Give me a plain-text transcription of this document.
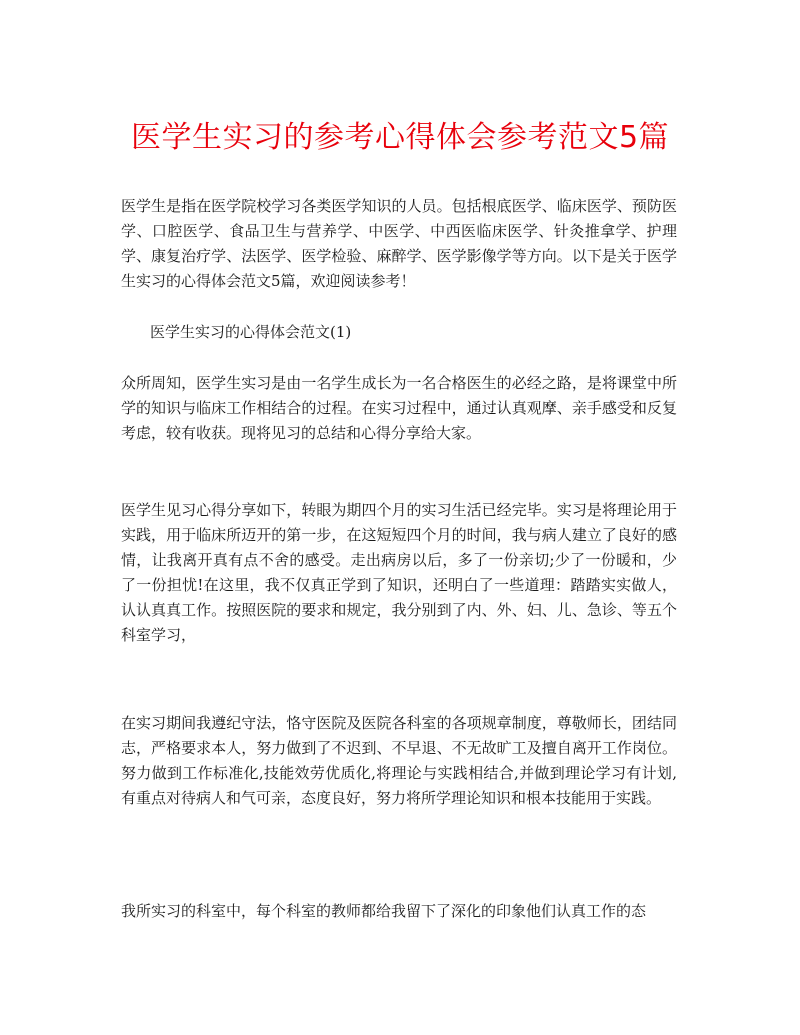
医学生实习的参考心得体会参考范文5篇
医学生是指在医学院校学习各类医学知识的人员。包括根底医学、临床医学、预防医学、口腔医学、食品卫生与营养学、中医学、中西医临床医学、针灸推拿学、护理学、康复治疗学、法医学、医学检验、麻醉学、医学影像学等方向。以下是关于医学生实习的心得体会范文5篇，欢迎阅读参考！
医学生实习的心得体会范文(1)
众所周知，医学生实习是由一名学生成长为一名合格医生的必经之路，是将课堂中所学的知识与临床工作相结合的过程。在实习过程中，通过认真观摩、亲手感受和反复考虑，较有收获。现将见习的总结和心得分享给大家。
医学生见习心得分享如下，转眼为期四个月的实习生活已经完毕。实习是将理论用于实践，用于临床所迈开的第一步，在这短短四个月的时间，我与病人建立了良好的感情，让我离开真有点不舍的感受。走出病房以后，多了一份亲切;少了一份暖和，少了一份担忧!在这里，我不仅真正学到了知识，还明白了一些道理：踏踏实实做人，认认真真工作。按照医院的要求和规定，我分别到了内、外、妇、儿、急诊、等五个科室学习，
在实习期间我遵纪守法，恪守医院及医院各科室的各项规章制度，尊敬师长，团结同志，严格要求本人，努力做到了不迟到、不早退、不无故旷工及擅自离开工作岗位。努力做到工作标准化,技能效劳优质化,将理论与实践相结合,并做到理论学习有计划,有重点对待病人和气可亲，态度良好，努力将所学理论知识和根本技能用于实践。
我所实习的科室中，每个科室的教师都给我留下了深化的印象他们认真工作的态
